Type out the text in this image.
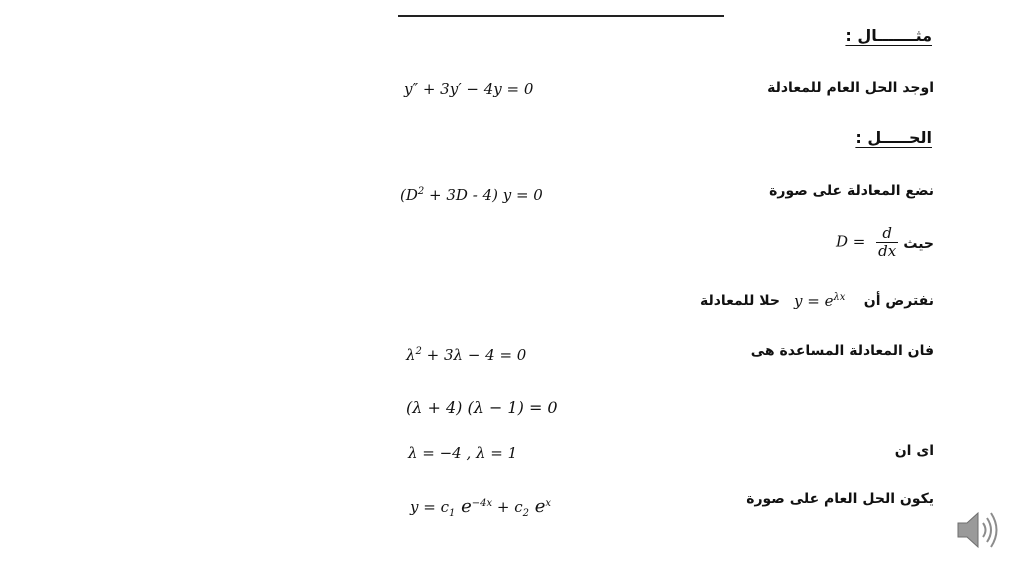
مثـــــــال :
اوجد الحل العام للمعادلة
y″ + 3y′ − 4y = 0
الحـــــل :
نضع المعادلة على صورة
$(D^2 + 3D - 4) y = 0$
حيث
$D = \frac{d}{dx}$
نفترض أن
$y = e^{\lambda x}$
حلا للمعادلة
فان المعادلة المساعدة هى
$\lambda^2 + 3\lambda - 4 = 0$
(λ + 4) (λ − 1) = 0
اى ان
λ = −4 , λ = 1
يكون الحل العام على صورة
$y = c_1$ $e^{-4x} + c_2$ $e^x$
